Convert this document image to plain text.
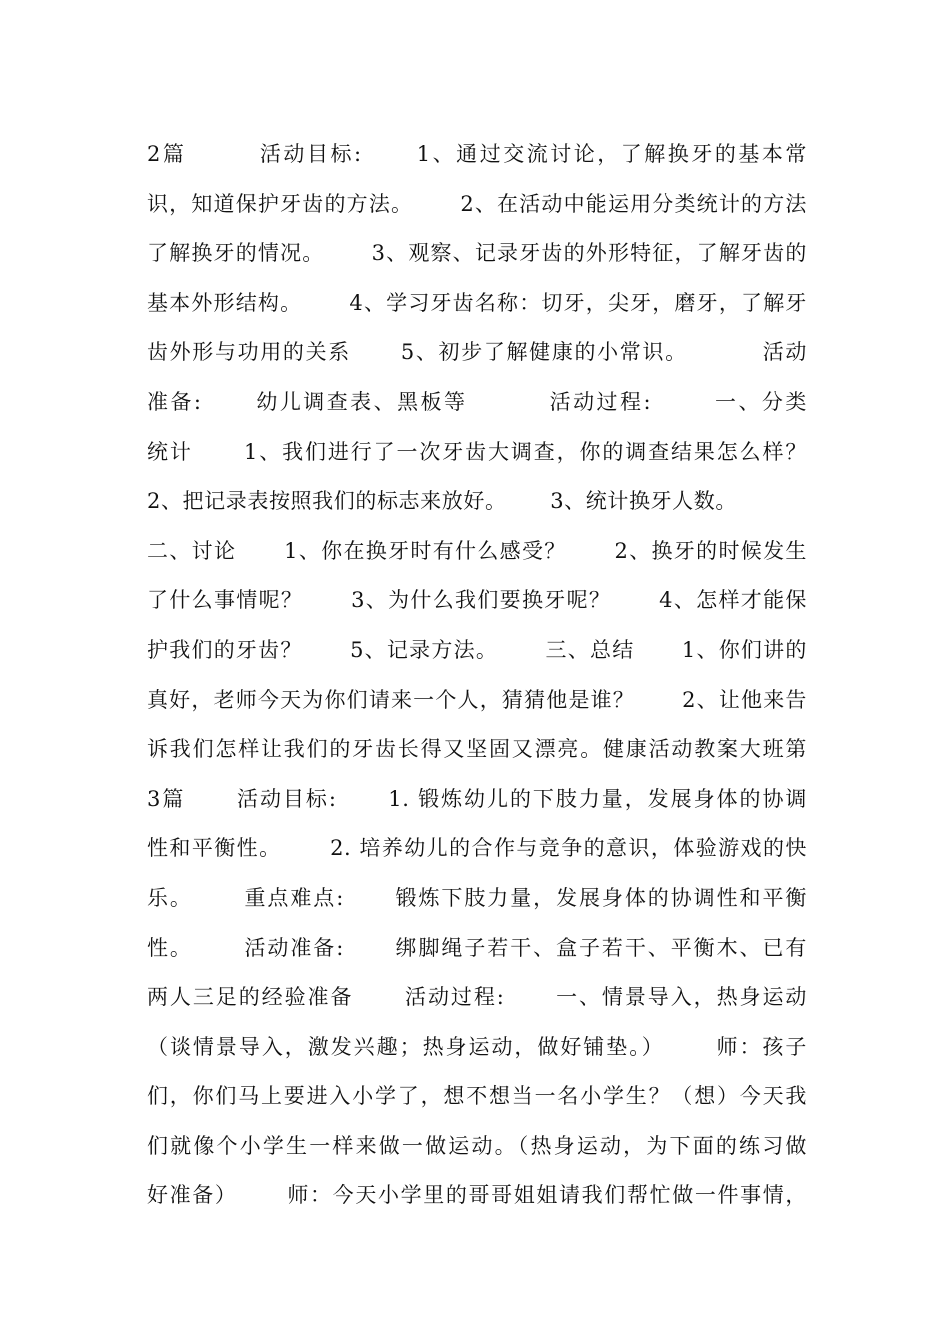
2篇        活动目标:      1、通过交流讨论，了解换牙的基本常
识，知道保护牙齿的方法。      2、在活动中能运用分类统计的方法
了解换牙的情况。      3、观察、记录牙齿的外形特征，了解牙齿的
基本外形结构。      4、学习牙齿名称：切牙，尖牙，磨牙，了解牙
齿外形与功用的关系      5、初步了解健康的小常识。         活动
准备:      幼儿调查表、黑板等         活动过程:       一、分类
统计      1、我们进行了一次牙齿大调查，你的调查结果怎么样？
2、把记录表按照我们的标志来放好。      3、统计换牙人数。
二、讨论      1、你在换牙时有什么感受？      2、换牙的时候发生
了什么事情呢？      3、为什么我们要换牙呢？      4、怎样才能保
护我们的牙齿？      5、记录方法。      三、总结      1、你们讲的
真好，老师今天为你们请来一个人，猜猜他是谁？      2、让他来告
诉我们怎样让我们的牙齿长得又坚固又漂亮。健康活动教案大班第
3篇      活动目标:      1. 锻炼幼儿的下肢力量，发展身体的协调
性和平衡性。      2. 培养幼儿的合作与竞争的意识，体验游戏的快
乐。      重点难点:      锻炼下肢力量，发展身体的协调性和平衡
性。      活动准备:      绑脚绳子若干、盒子若干、平衡木、已有
两人三足的经验准备      活动过程:      一、情景导入，热身运动
（谈情景导入，激发兴趣；热身运动，做好铺垫。）      师：孩子
们，你们马上要进入小学了，想不想当一名小学生？（想）今天我
们就像个小学生一样来做一做运动。（热身运动，为下面的练习做
好准备）      师：今天小学里的哥哥姐姐请我们帮忙做一件事情，
